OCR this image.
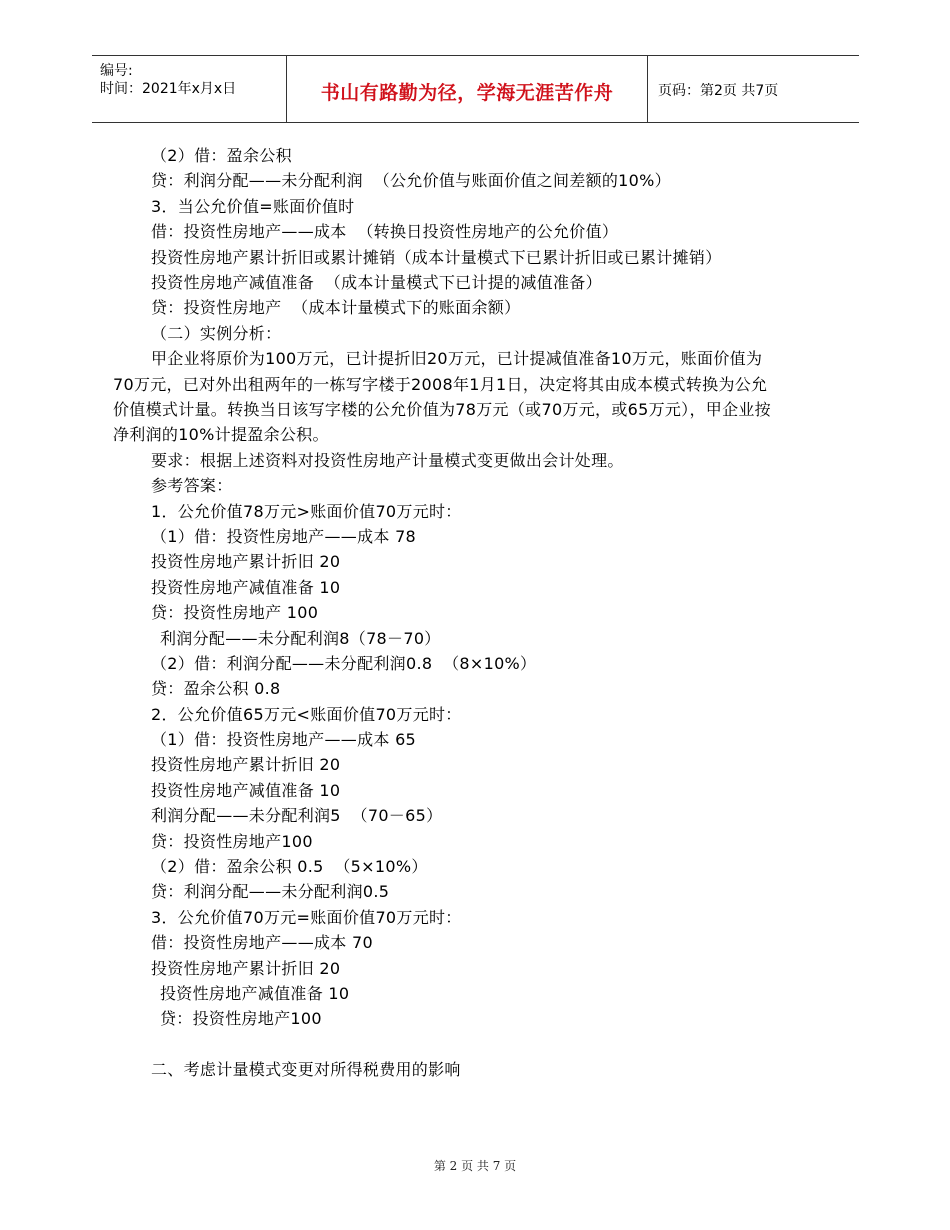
编号:
时间：2021年x月x日	书山有路勤为径，学海无涯苦作舟	页码：第2页 共7页
（2）借：盈余公积
贷：利润分配——未分配利润  （公允价值与账面价值之间差额的10%）
3．当公允价值=账面价值时
借：投资性房地产——成本  （转换日投资性房地产的公允价值）
投资性房地产累计折旧或累计摊销（成本计量模式下已累计折旧或已累计摊销）
投资性房地产减值准备  （成本计量模式下已计提的减值准备）
贷：投资性房地产  （成本计量模式下的账面余额）
（二）实例分析：
甲企业将原价为100万元，已计提折旧20万元，已计提减值准备10万元，账面价值为70万元，已对外出租两年的一栋写字楼于2008年1月1日，决定将其由成本模式转换为公允价值模式计量。转换当日该写字楼的公允价值为78万元（或70万元，或65万元），甲企业按净利润的10%计提盈余公积。
要求：根据上述资料对投资性房地产计量模式变更做出会计处理。
参考答案：
1．公允价值78万元>账面价值70万元时：
（1）借：投资性房地产——成本 78
投资性房地产累计折旧 20
投资性房地产减值准备 10
贷：投资性房地产 100
利润分配——未分配利润8（78－70）
（2）借：利润分配——未分配利润0.8  （8×10%）
贷：盈余公积 0.8
2．公允价值65万元<账面价值70万元时：
（1）借：投资性房地产——成本 65
投资性房地产累计折旧 20
投资性房地产减值准备 10
利润分配——未分配利润5  （70－65）
贷：投资性房地产100
（2）借：盈余公积 0.5  （5×10%）
贷：利润分配——未分配利润0.5
3．公允价值70万元=账面价值70万元时：
借：投资性房地产——成本 70
投资性房地产累计折旧 20
投资性房地产减值准备 10
贷：投资性房地产100
二、考虑计量模式变更对所得税费用的影响
第 2 页 共 7 页
